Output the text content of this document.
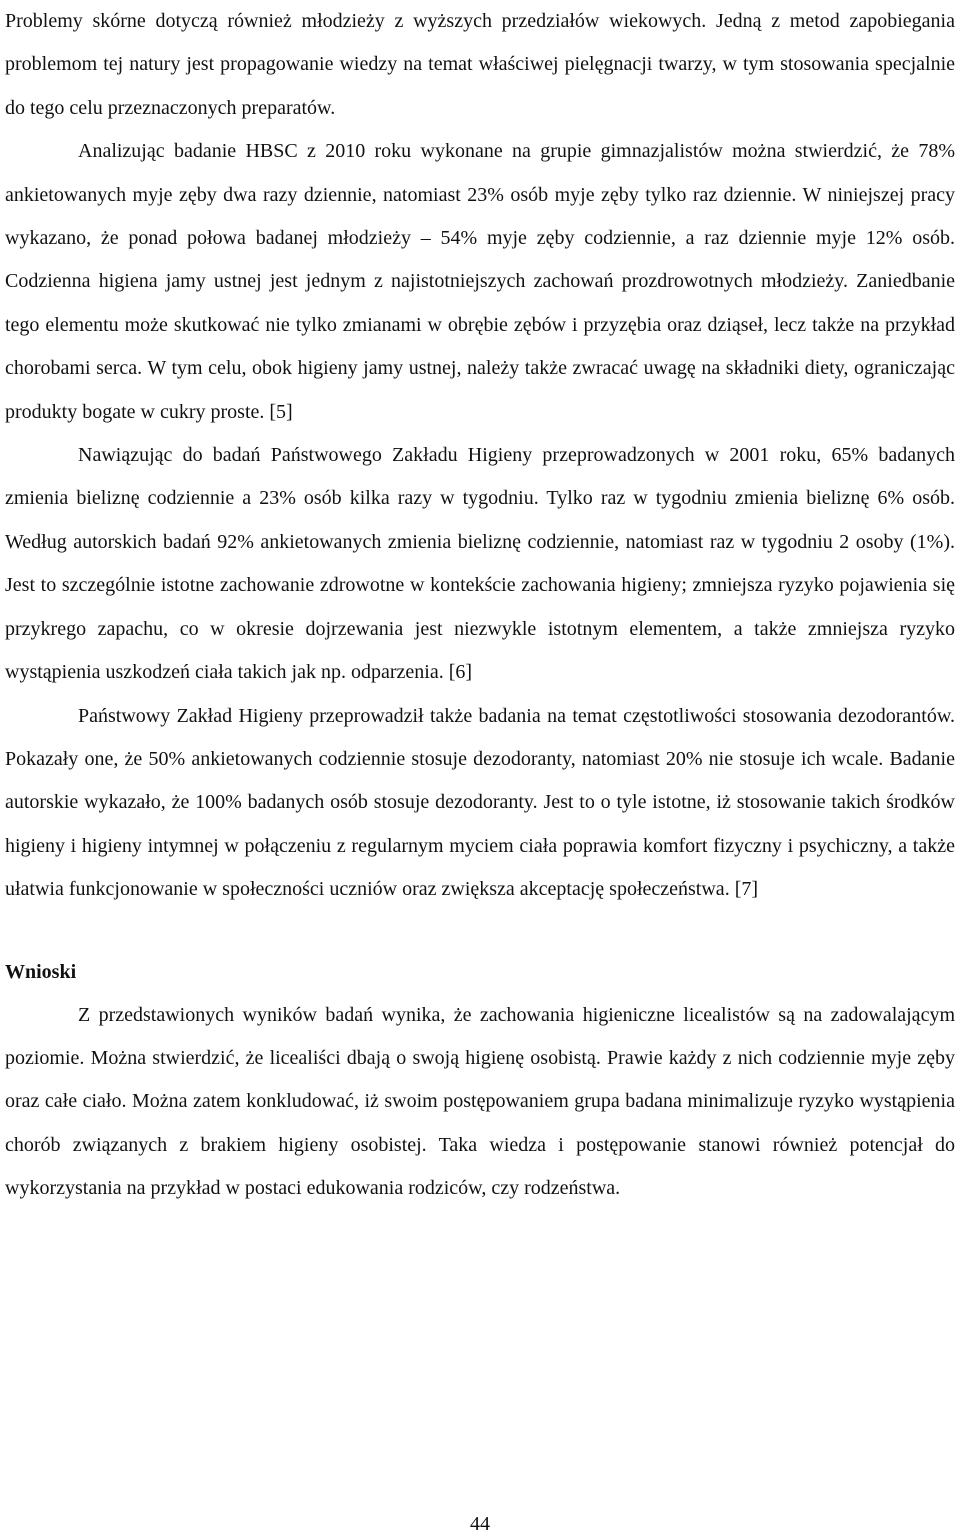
Problemy skórne dotyczą również młodzieży z wyższych przedziałów wiekowych. Jedną z metod zapobiegania problemom tej natury jest propagowanie wiedzy na temat właściwej pielęgnacji twarzy, w tym stosowania specjalnie do tego celu przeznaczonych preparatów.

Analizując badanie HBSC z 2010 roku wykonane na grupie gimnazjalistów można stwierdzić, że 78% ankietowanych myje zęby dwa razy dziennie, natomiast 23% osób myje zęby tylko raz dziennie. W niniejszej pracy wykazano, że ponad połowa badanej młodzieży – 54% myje zęby codziennie, a raz dziennie myje 12% osób. Codzienna higiena jamy ustnej jest jednym z najistotniejszych zachowań prozdrowotnych młodzieży. Zaniedbanie tego elementu może skutkować nie tylko zmianami w obrębie zębów i przyzębia oraz dziąseł, lecz także na przykład chorobami serca. W tym celu, obok higieny jamy ustnej, należy także zwracać uwagę na składniki diety, ograniczając produkty bogate w cukry proste. [5]

Nawiązując do badań Państwowego Zakładu Higieny przeprowadzonych w 2001 roku, 65% badanych zmienia bieliznę codziennie a 23% osób kilka razy w tygodniu. Tylko raz w tygodniu zmienia bieliznę 6% osób. Według autorskich badań 92% ankietowanych zmienia bieliznę codziennie, natomiast raz w tygodniu 2 osoby (1%). Jest to szczególnie istotne zachowanie zdrowotne w kontekście zachowania higieny; zmniejsza ryzyko pojawienia się przykrego zapachu, co w okresie dojrzewania jest niezwykle istotnym elementem, a także zmniejsza ryzyko wystąpienia uszkodzeń ciała takich jak np. odparzenia. [6]

Państwowy Zakład Higieny przeprowadził także badania na temat częstotliwości stosowania dezodorantów. Pokazały one, że 50% ankietowanych codziennie stosuje dezodoranty, natomiast 20% nie stosuje ich wcale. Badanie autorskie wykazało, że 100% badanych osób stosuje dezodoranty. Jest to o tyle istotne, iż stosowanie takich środków higieny i higieny intymnej w połączeniu z regularnym myciem ciała poprawia komfort fizyczny i psychiczny, a także ułatwia funkcjonowanie w społeczności uczniów oraz zwiększa akceptację społeczeństwa. [7]

Wnioski

Z przedstawionych wyników badań wynika, że zachowania higieniczne licealistów są na zadowalającym poziomie. Można stwierdzić, że licealiści dbają o swoją higienę osobistą. Prawie każdy z nich codziennie myje zęby oraz całe ciało. Można zatem konkludować, iż swoim postępowaniem grupa badana minimalizuje ryzyko wystąpienia chorób związanych z brakiem higieny osobistej. Taka wiedza i postępowanie stanowi również potencjał do wykorzystania na przykład w postaci edukowania rodziców, czy rodzeństwa.

44
